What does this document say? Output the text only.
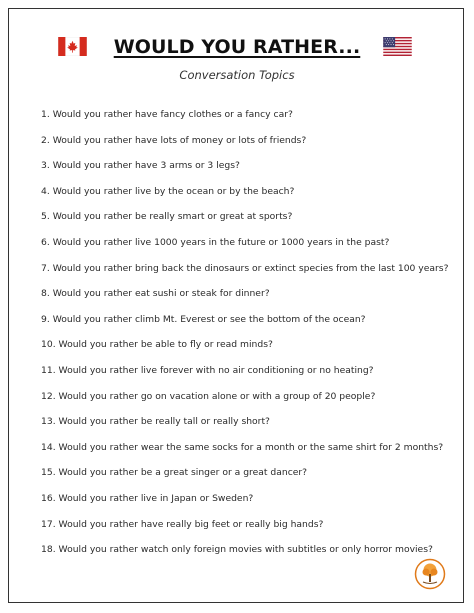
WOULD YOU RATHER...
Conversation Topics
1. Would you rather have fancy clothes or a fancy car?
2. Would you rather have lots of money or lots of friends?
3. Would you rather have 3 arms or 3 legs?
4. Would you rather live by the ocean or by the beach?
5. Would you rather be really smart or great at sports?
6. Would you rather live 1000 years in the future or 1000 years in the past?
7. Would you rather bring back the dinosaurs or extinct species from the last 100 years?
8. Would you rather eat sushi or steak for dinner?
9. Would you rather climb Mt. Everest or see the bottom of the ocean?
10. Would you rather be able to fly or read minds?
11. Would you rather live forever with no air conditioning or no heating?
12. Would you rather go on vacation alone or with a group of 20 people?
13. Would you rather be really tall or really short?
14. Would you rather wear the same socks for a month or the same shirt for 2 months?
15. Would you rather be a great singer or a great dancer?
16. Would you rather live in Japan or Sweden?
17. Would you rather have really big feet or really big hands?
18. Would you rather watch only foreign movies with subtitles or only horror movies?
